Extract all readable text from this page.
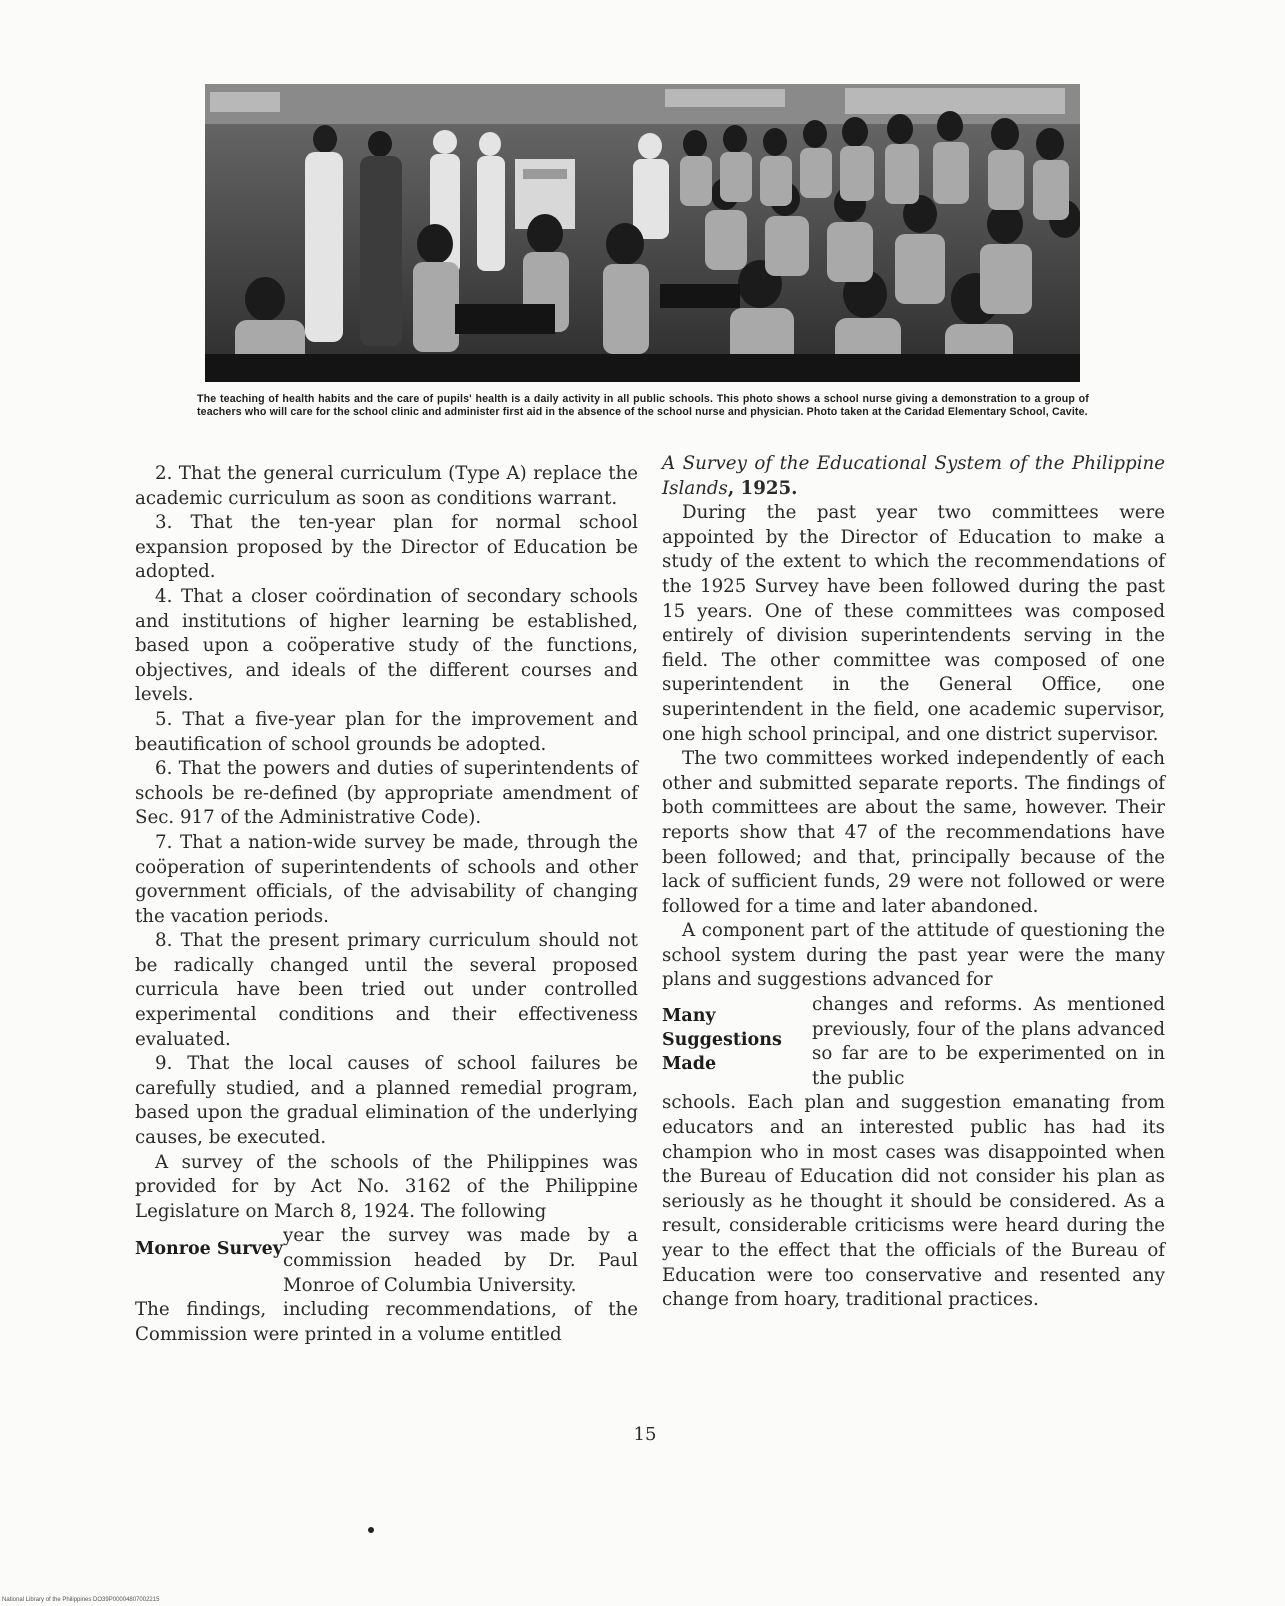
The teaching of health habits and the care of pupils' health is a daily activity in all public schools. This photo shows a school nurse giving a demonstration to a group of teachers who will care for the school clinic and administer first aid in the absence of the school nurse and physician. Photo taken at the Caridad Elementary School, Cavite.

2. That the general curriculum (Type A) replace the academic curriculum as soon as conditions warrant.

3. That the ten-year plan for normal school expansion proposed by the Director of Education be adopted.

4. That a closer coördination of secondary schools and institutions of higher learning be established, based upon a coöperative study of the functions, objectives, and ideals of the different courses and levels.

5. That a five-year plan for the improvement and beautification of school grounds be adopted.

6. That the powers and duties of superintendents of schools be re-defined (by appropriate amendment of Sec. 917 of the Administrative Code).

7. That a nation-wide survey be made, through the coöperation of superintendents of schools and other government officials, of the advisability of changing the vacation periods.

8. That the present primary curriculum should not be radically changed until the several proposed curricula have been tried out under controlled experimental conditions and their effectiveness evaluated.

9. That the local causes of school failures be carefully studied, and a planned remedial program, based upon the gradual elimination of the underlying causes, be executed.

A survey of the schools of the Philippines was provided for by Act No. 3162 of the Philippine Legislature on March 8, 1924. The following

Monroe Survey
year the survey was made by a commission headed by Dr. Paul Monroe of Columbia University.

The findings, including recommendations, of the Commission were printed in a volume entitled

A Survey of the Educational System of the Philippine Islands, 1925.

During the past year two committees were appointed by the Director of Education to make a study of the extent to which the recommendations of the 1925 Survey have been followed during the past 15 years. One of these committees was composed entirely of division superintendents serving in the field. The other committee was composed of one superintendent in the General Office, one superintendent in the field, one academic supervisor, one high school principal, and one district supervisor.

The two committees worked independently of each other and submitted separate reports. The findings of both committees are about the same, however. Their reports show that 47 of the recommendations have been followed; and that, principally because of the lack of sufficient funds, 29 were not followed or were followed for a time and later abandoned.

A component part of the attitude of questioning the school system during the past year were the many plans and suggestions advanced for

Many Suggestions Made
changes and reforms. As mentioned previously, four of the plans advanced so far are to be experimented on in the public

schools. Each plan and suggestion emanating from educators and an interested public has had its champion who in most cases was disappointed when the Bureau of Education did not consider his plan as seriously as he thought it should be considered. As a result, considerable criticisms were heard during the year to the effect that the officials of the Bureau of Education were too conservative and resented any change from hoary, traditional practices.

15
National Library of the Philippines DO39P00004807002215
